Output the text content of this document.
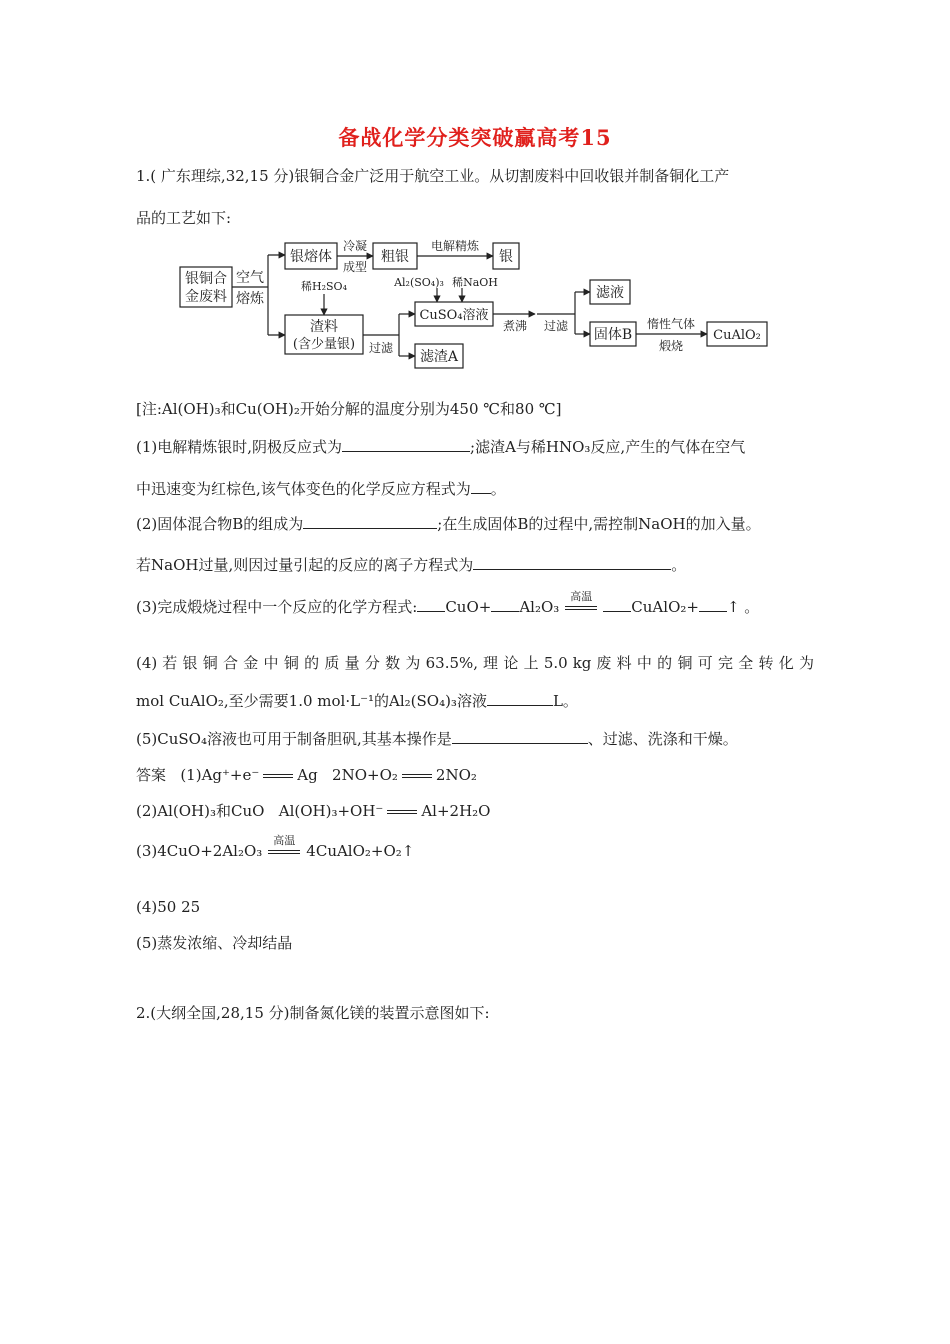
备战化学分类突破赢高考15
1.( 广东理综,32,15 分)银铜合金广泛用于航空工业。从切割废料中回收银并制备铜化工产
品的工艺如下:
银铜合
金废料
空气
熔炼
银熔体
冷凝
成型
粗银
电解精炼
银
稀H₂SO₄
渣料
(含少量银) 过滤
Al₂(SO₄)₃ 稀NaOH
CuSO₄溶液
滤渣A
煮沸 过滤
滤液
固体B
惰性气体
煅烧
CuAlO₂
[注:Al(OH)₃和Cu(OH)₂开始分解的温度分别为450 ℃和80 ℃]
(1)电解精炼银时,阴极反应式为	;滤渣A与稀HNO₃反应,产生的气体在空气
中迅速变为红棕色,该气体变色的化学反应方程式为 。
(2)固体混合物B的组成为	;在生成固体B的过程中,需控制NaOH的加入量。
若NaOH过量,则因过量引起的反应的离子方程式为	。
(3)完成煅烧过程中一个反应的化学方程式: CuO+ Al₂O₃
高温
CuAlO₂+ ↑ 。
(4) 若 银 铜 合 金 中 铜 的 质 量 分 数 为 63.5%, 理 论 上 5.0 kg 废 料 中 的 铜 可 完 全 转 化 为
mol CuAlO₂,至少需要1.0 mol·L⁻¹的Al₂(SO₄)₃溶液	L。
(5)CuSO₄溶液也可用于制备胆矾,其基本操作是	、过滤、洗涤和干燥。
答案 (1)Ag⁺+e⁻	Ag 2NO+O₂	2NO₂
(2)Al(OH)₃和CuO Al(OH)₃+OH⁻	Al+2H₂O
(3)4CuO+2Al₂O₃
高温
4CuAlO₂+O₂↑
(4)50 25
(5)蒸发浓缩、冷却结晶
2.(大纲全国,28,15 分)制备氮化镁的装置示意图如下:
